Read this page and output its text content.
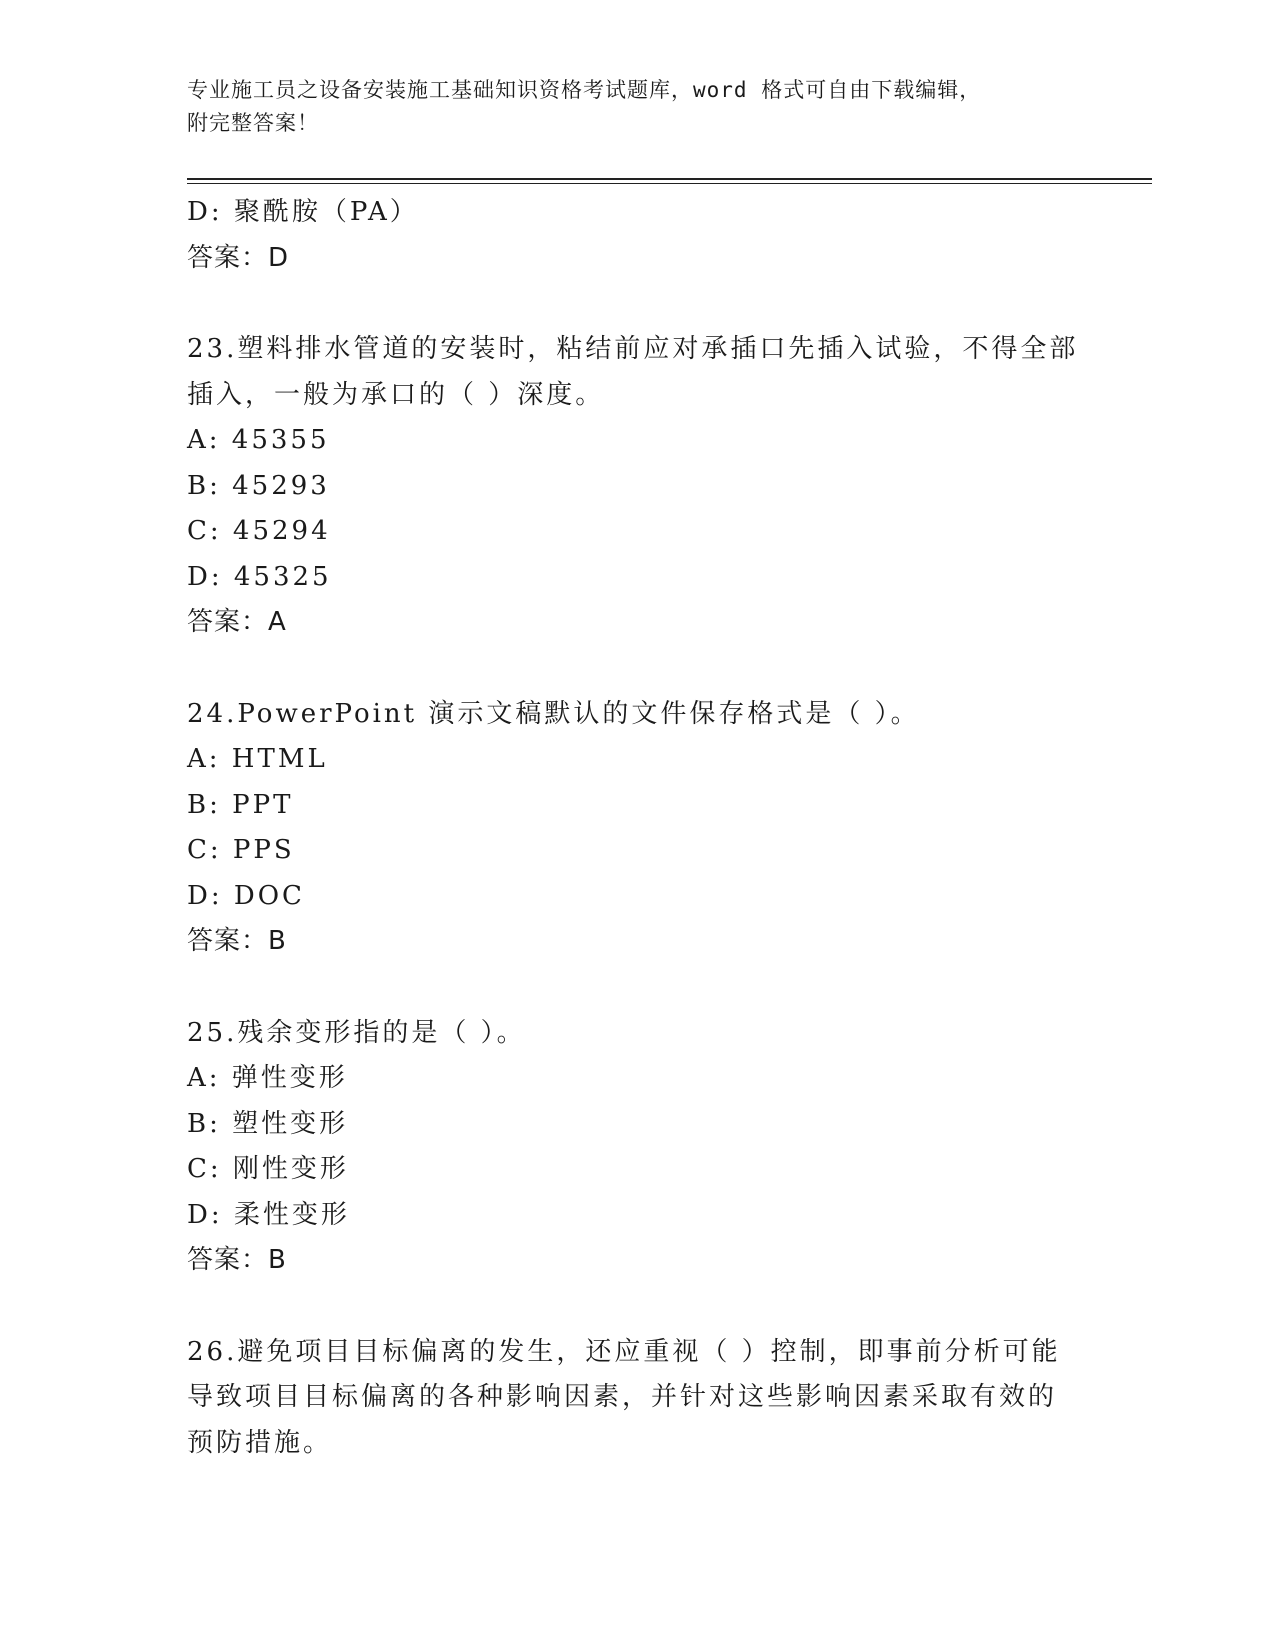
专业施工员之设备安装施工基础知识资格考试题库，word 格式可自由下载编辑，
附完整答案！
D: 聚酰胺（PA）
答案：D
23.塑料排水管道的安装时，粘结前应对承插口先插入试验，不得全部
插入，一般为承口的（ ）深度。
A: 45355
B: 45293
C: 45294
D: 45325
答案：A
24.PowerPoint 演示文稿默认的文件保存格式是（ ）。
A: HTML
B: PPT
C: PPS
D: DOC
答案：B
25.残余变形指的是（ ）。
A: 弹性变形
B: 塑性变形
C: 刚性变形
D: 柔性变形
答案：B
26.避免项目目标偏离的发生，还应重视（ ）控制，即事前分析可能
导致项目目标偏离的各种影响因素，并针对这些影响因素采取有效的
预防措施。
